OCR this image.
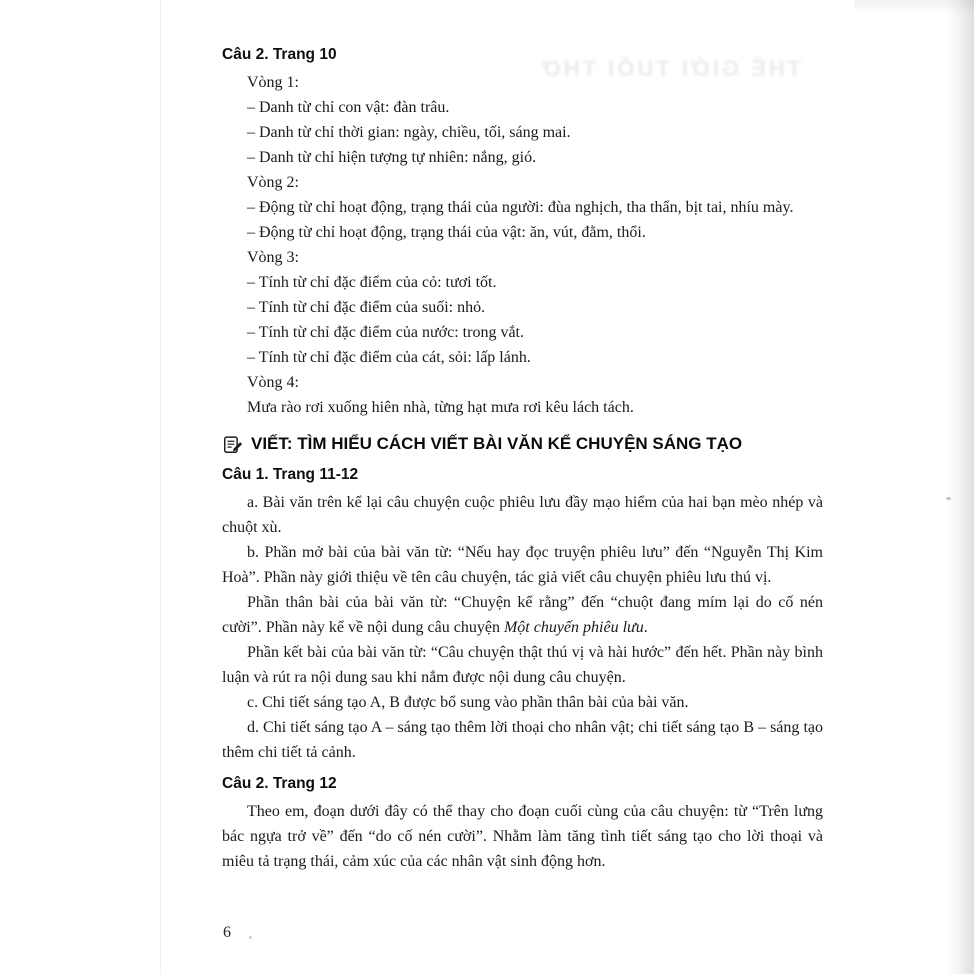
THẾ GIỚI TUỔI THƠ
Câu 2. Trang 10

Vòng 1:

– Danh từ chỉ con vật: đàn trâu.

– Danh từ chỉ thời gian: ngày, chiều, tối, sáng mai.

– Danh từ chỉ hiện tượng tự nhiên: nắng, gió.

Vòng 2:

– Động từ chỉ hoạt động, trạng thái của người: đùa nghịch, tha thẩn, bịt tai, nhíu mày.

– Động từ chỉ hoạt động, trạng thái của vật: ăn, vút, đằm, thổi.

Vòng 3:

– Tính từ chỉ đặc điểm của cỏ: tươi tốt.

– Tính từ chỉ đặc điểm của suối: nhỏ.

– Tính từ chỉ đặc điểm của nước: trong vắt.

– Tính từ chỉ đặc điểm của cát, sỏi: lấp lánh.

Vòng 4:

Mưa rào rơi xuống hiên nhà, từng hạt mưa rơi kêu lách tách.

VIẾT: TÌM HIỂU CÁCH VIẾT BÀI VĂN KỂ CHUYỆN SÁNG TẠO
Câu 1. Trang 11-12

a. Bài văn trên kể lại câu chuyện cuộc phiêu lưu đầy mạo hiểm của hai bạn mèo nhép và chuột xù.

b. Phần mở bài của bài văn từ: “Nếu hay đọc truyện phiêu lưu” đến “Nguyễn Thị Kim Hoà”. Phần này giới thiệu về tên câu chuyện, tác giả viết câu chuyện phiêu lưu thú vị.

Phần thân bài của bài văn từ: “Chuyện kể rằng” đến “chuột đang mím lại do cố nén cười”. Phần này kể về nội dung câu chuyện Một chuyến phiêu lưu.

Phần kết bài của bài văn từ: “Câu chuyện thật thú vị và hài hước” đến hết. Phần này bình luận và rút ra nội dung sau khi nắm được nội dung câu chuyện.

c. Chi tiết sáng tạo A, B được bổ sung vào phần thân bài của bài văn.

d. Chi tiết sáng tạo A – sáng tạo thêm lời thoại cho nhân vật; chi tiết sáng tạo B – sáng tạo thêm chi tiết tả cảnh.

Câu 2. Trang 12

Theo em, đoạn dưới đây có thể thay cho đoạn cuối cùng của câu chuyện: từ “Trên lưng bác ngựa trở về” đến “do cố nén cười”. Nhằm làm tăng tình tiết sáng tạo cho lời thoại và miêu tả trạng thái, cảm xúc của các nhân vật sinh động hơn.

6
